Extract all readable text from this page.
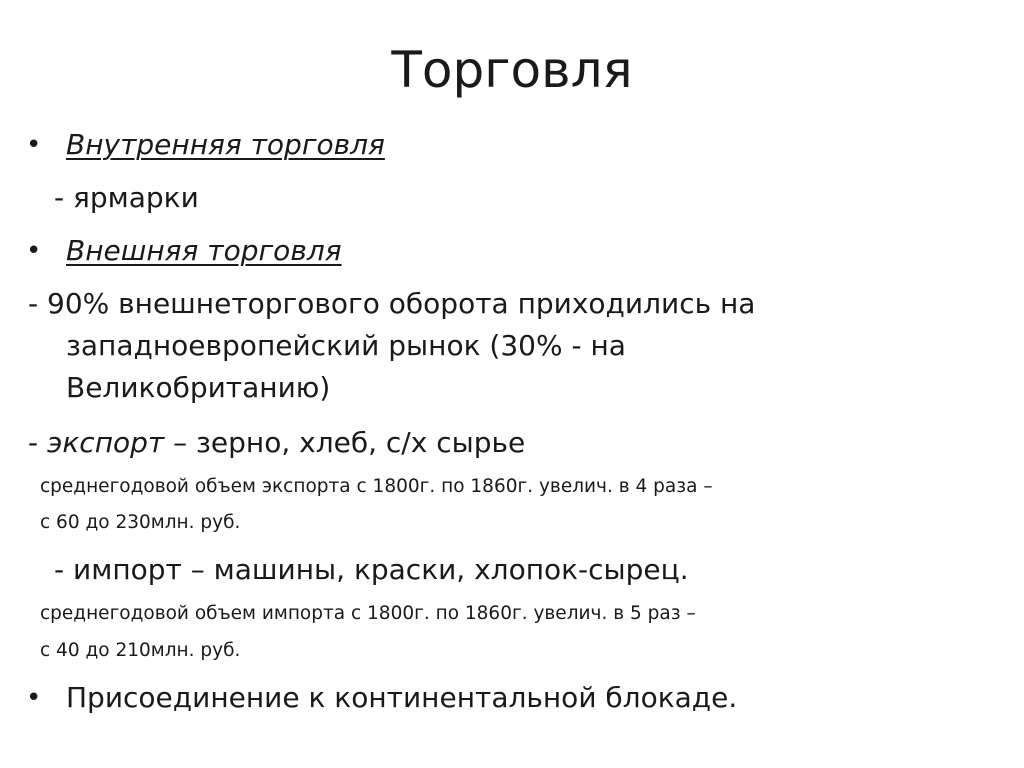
Торговля
• Внутренняя торговля
- ярмарки
• Внешняя торговля
- 90% внешнеторгового оборота приходились на
западноевропейский рынок (30% - на
Великобританию)
- экспорт – зерно, хлеб, с/х сырье
среднегодовой объем экспорта с 1800г. по 1860г. увелич. в 4 раза –
с 60 до 230млн. руб.
- импорт – машины, краски, хлопок-сырец.
среднегодовой объем импорта с 1800г. по 1860г. увелич. в 5 раз –
с 40 до 210млн. руб.
• Присоединение к континентальной блокаде.
